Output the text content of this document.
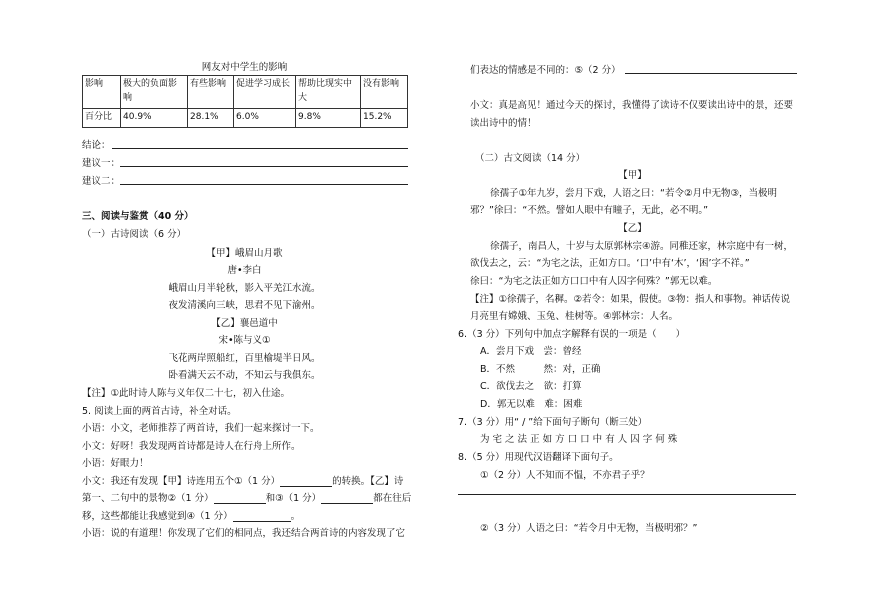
网友对中学生的影响
影响	极大的负面影响	有些影响	促进学习成长	帮助比现实中大	没有影响
百分比	40.9%	28.1%	6.0%	9.8%	15.2%
结论：
建议一：
建议二：
三、阅读与鉴赏（40 分）
（一）古诗阅读（6 分）
【甲】峨眉山月歌
唐•李白
峨眉山月半轮秋，影入平羌江水流。
夜发清溪向三峡，思君不见下渝州。
【乙】襄邑道中
宋•陈与义①
飞花两岸照船红，百里榆堤半日风。
卧看满天云不动，不知云与我俱东。
【注】①此时诗人陈与义年仅二十七，初入仕途。
5. 阅读上面的两首古诗，补全对话。
小语：小文，老师推荐了两首诗，我们一起来探讨一下。
小文：好呀！我发现两首诗都是诗人在行舟上所作。
小语：好眼力！
小文：我还有发现【甲】诗连用五个①（1 分）	的转换。【乙】诗
第一、二句中的景物②（1 分）	和③（1 分）	都在往后
移，这些都能让我感觉到④（1 分）	。
小语：说的有道理！你发现了它们的相同点，我还结合两首诗的内容发现了它
们表达的情感是不同的：⑤（2 分）
小文：真是高见！通过今天的探讨，我懂得了读诗不仅要读出诗中的景，还要
读出诗中的情！
（二）古文阅读（14 分）
【甲】
徐孺子①年九岁，尝月下戏，人语之曰：“若令②月中无物③，当极明
邪？”徐曰：“不然。譬如人眼中有瞳子，无此，必不明。”
【乙】
徐孺子，南昌人，十岁与太原郭林宗④游。同稚还家，林宗庭中有一树，
欲伐去之，云：“为宅之法，正如方口。‘口’中有‘木’，‘困’字不祥。”
徐曰：“为宅之法正如方口口中有人囚字何殊？”郭无以难。
【注】①徐孺子，名穉。②若令：如果，假使。③物：指人和事物。神话传说
月亮里有嫦娥、玉兔、桂树等。④郭林宗：人名。
6.（3 分）下列句中加点字解释有误的一项是（　　）
A．尝月下戏　尝：曾经
B．不然　　　然：对，正确
C．欲伐去之　欲：打算
D．郭无以难　难：困难
7.（3 分）用“ / ”给下面句子断句（断三处）
为 宅 之 法 正 如 方 口 口 中 有 人 囚 字 何 殊
8.（5 分）用现代汉语翻译下面句子。
①（2 分）人不知而不愠，不亦君子乎？
②（3 分）人语之曰：“若令月中无物，当极明邪？”
